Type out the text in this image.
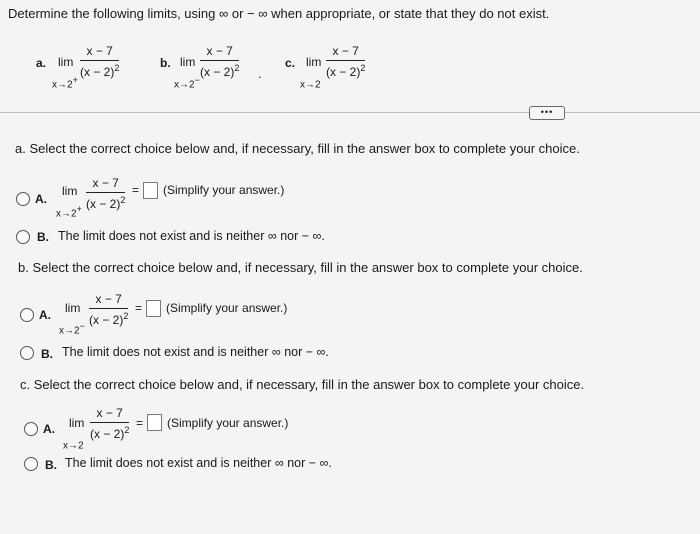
Determine the following limits, using ∞ or − ∞ when appropriate, or state that they do not exist.
a. lim
x→2+
$\frac{x - 7}{(x - 2)^2}$	b. lim
x→2−
$\frac{x - 7}{(x - 2)^2}$ .
c. lim
x→2
$\frac{x - 7}{(x - 2)^2}$
•••
a. Select the correct choice below and, if necessary, fill in the answer box to complete your choice.
A.
lim
$x\to 2^+ \frac{x - 7}{(x - 2)^2}$ = (Simplify your answer.)
B. The limit does not exist and is neither ∞ nor − ∞.
b. Select the correct choice below and, if necessary, fill in the answer box to complete your choice.
A.	lim
$x\to 2^- \frac{x - 7}{(x - 2)^2}$ = (Simplify your answer.)
B. The limit does not exist and is neither ∞ nor − ∞.
c. Select the correct choice below and, if necessary, fill in the answer box to complete your choice.
A.	lim
x→2
$\frac{x - 7}{(x - 2)^2}$ = (Simplify your answer.)
B. The limit does not exist and is neither ∞ nor − ∞.
